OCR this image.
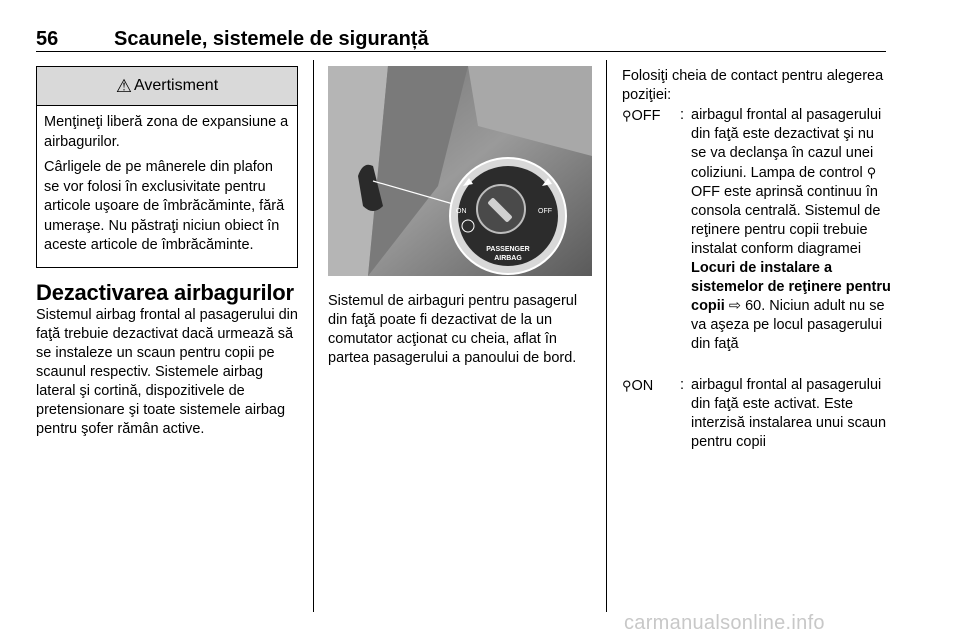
56	Scaunele, sistemele de siguranță
⚠ Avertisment

Menţineţi liberă zona de expansiune a airbagurilor.

Cârligele de pe mânerele din plafon se vor folosi în exclusivitate pentru articole uşoare de îmbrăcăminte, fără umeraşe. Nu păstraţi niciun obiect în aceste articole de îmbrăcăminte.

Dezactivarea airbagurilor

Sistemul airbag frontal al pasagerului din faţă trebuie dezactivat dacă urmează să se instaleze un scaun pentru copii pe scaunul respectiv. Sistemele airbag lateral şi cortină, dispozitivele de pretensionare şi toate sistemele airbag pentru şofer rămân active.

ON	OFF
PASSENGER
AIRBAG

Sistemul de airbaguri pentru pasagerul din faţă poate fi dezactivat de la un comutator acţionat cu cheia, aflat în partea pasagerului a panoului de bord.

Folosiţi cheia de contact pentru alegerea poziţiei:

⚲OFF : airbagul frontal al pasagerului din faţă este dezactivat şi nu se va declanşa în cazul unei coliziuni. Lampa de control ⚲OFF este aprinsă continuu în consola centrală. Sistemul de reţinere pentru copii trebuie instalat conform diagramei Locuri de instalare a sistemelor de reţinere pentru copii ⇨ 60. Niciun adult nu se va aşeza pe locul pasagerului din faţă

⚲ON : airbagul frontal al pasagerului din faţă este activat. Este interzisă instalarea unui scaun pentru copii

carmanualsonline.info
